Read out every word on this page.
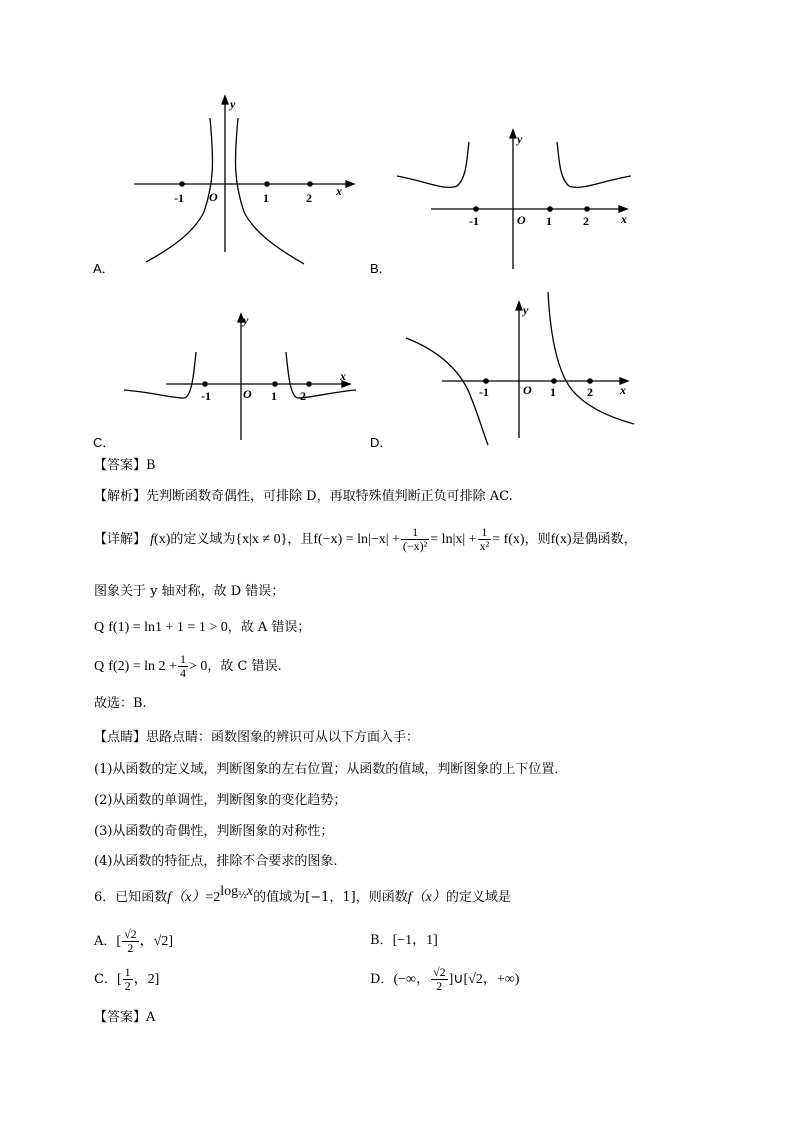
-1	1	2
O	x
y
A．
-1	1	2
O	x
y
B．
-1	1 2
O
x
y
C．
-1	1	2
O	x
y
D．
【答案】B
【解析】先判断函数奇偶性，可排除 D，再取特殊值判断正负可排除 AC.
【详解】 f(x)的定义域为{x|x ≠ 0}，且$f(-x) = \ln|-x| + \frac{1}{\text{(−x)²}} = \ln|x| + \frac{1}{\text{x²}} = f(x)$，则f(x)是偶函数，
图象关于 y 轴对称，故 D 错误；
Q f(1) = ln1 + 1 = 1 > 0，故 A 错误；
Q $f(2) = \ln 2 + \frac{1}{4} > 0$，故 C 错误.
故选：B.
【点睛】思路点睛：函数图象的辨识可从以下方面入手：
(1)从函数的定义域，判断图象的左右位置；从函数的值域，判断图象的上下位置．
(2)从函数的单调性，判断图象的变化趋势；
(3)从函数的奇偶性，判断图象的对称性；
(4)从函数的特征点，排除不合要求的图象.
6．已知函数$f(x)=2^{log_{\frac{1}{2}}x}$的值域为[−1，1]，则函数f（x）的定义域是
A．[ $\frac{√2}{2}$ ，√2]	B．[−1，1]
C．[ $\frac{1}{2}$ ，2]	D．(−∞， $\frac{√2}{2}$ ]∪[√2，+∞)
【答案】A
